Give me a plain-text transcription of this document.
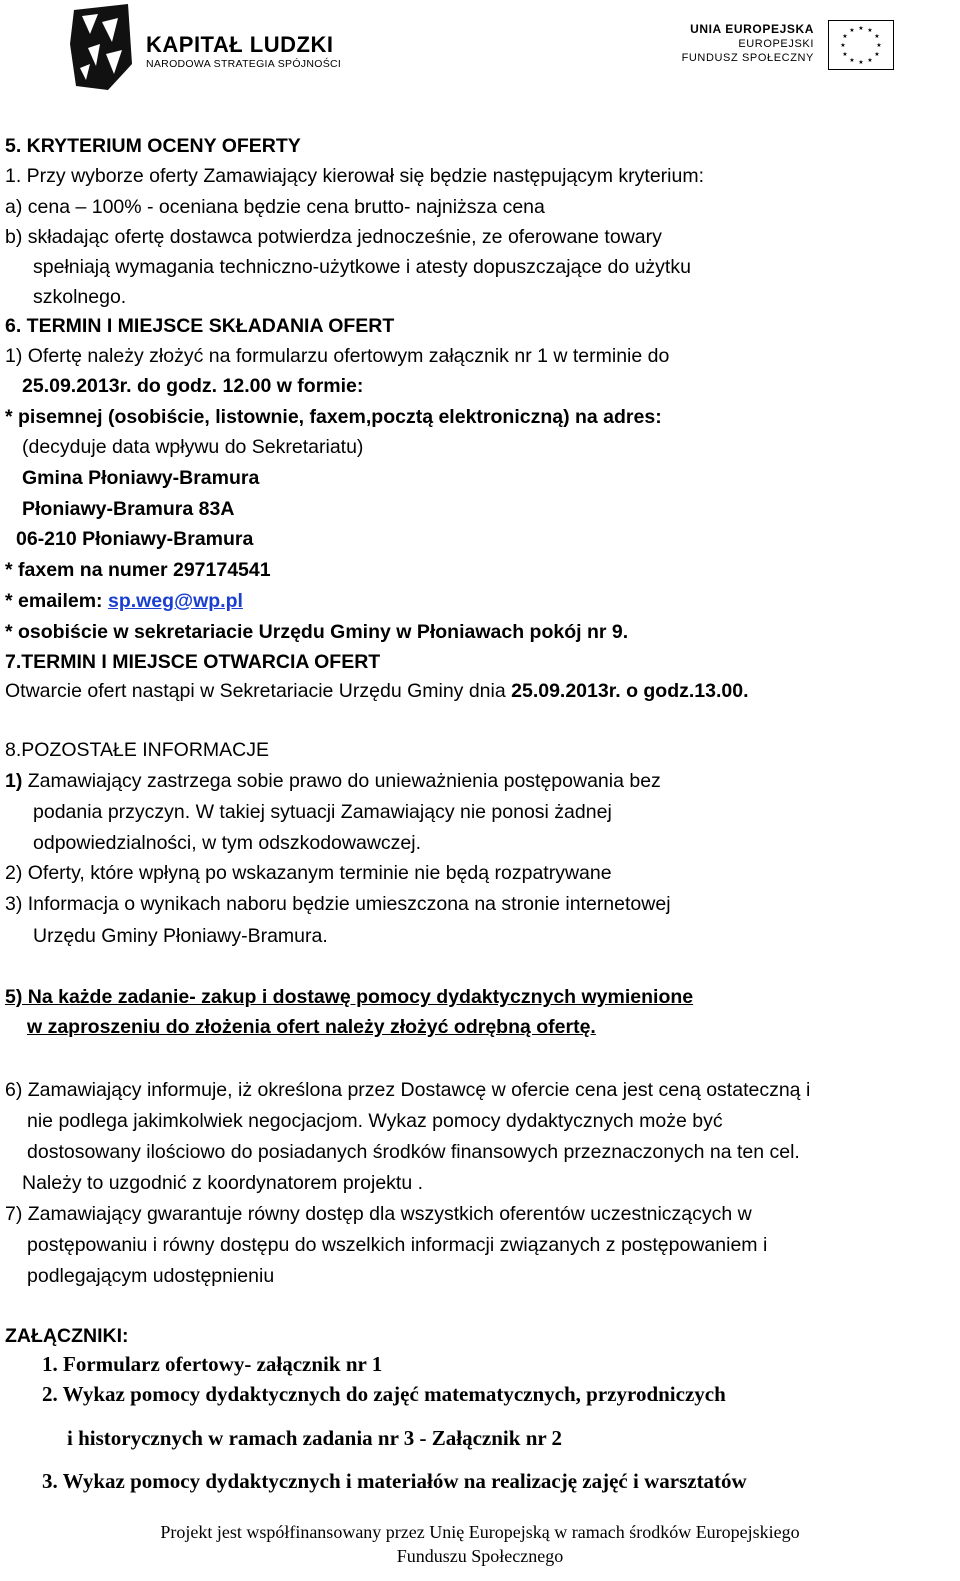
KAPITAŁ LUDZKI
NARODOWA STRATEGIA SPÓJNOŚCI
UNIA EUROPEJSKA
EUROPEJSKI
FUNDUSZ SPOŁECZNY
★ ★
★
★
★
★
★
★
★
★
★
★
5. KRYTERIUM OCENY OFERTY
1. Przy wyborze oferty Zamawiający kierował się będzie następującym kryterium:
a) cena – 100% - oceniana będzie cena brutto- najniższa cena
b) składając ofertę dostawca potwierdza jednocześnie, ze oferowane towary
spełniają wymagania techniczno-użytkowe i atesty dopuszczające do użytku
szkolnego.
6. TERMIN I MIEJSCE SKŁADANIA OFERT
1) Ofertę należy złożyć na formularzu ofertowym załącznik nr 1 w terminie do
25.09.2013r. do godz. 12.00 w formie:
* pisemnej (osobiście, listownie, faxem,pocztą elektroniczną) na adres:
(decyduje data wpływu do Sekretariatu)
Gmina Płoniawy-Bramura
Płoniawy-Bramura 83A
06-210 Płoniawy-Bramura
* faxem na numer 297174541
* emailem: sp.weg@wp.pl
* osobiście w sekretariacie Urzędu Gminy w Płoniawach pokój nr 9.
7.TERMIN I MIEJSCE OTWARCIA OFERT
Otwarcie ofert nastąpi w Sekretariacie Urzędu Gminy dnia 25.09.2013r. o godz.13.00.
8.POZOSTAŁE INFORMACJE
1) Zamawiający zastrzega sobie prawo do unieważnienia postępowania bez
podania przyczyn. W takiej sytuacji Zamawiający nie ponosi żadnej
odpowiedzialności, w tym odszkodowawczej.
2) Oferty, które wpłyną po wskazanym terminie nie będą rozpatrywane
3) Informacja o wynikach naboru będzie umieszczona na stronie internetowej
Urzędu Gminy Płoniawy-Bramura.
5) Na każde zadanie- zakup i dostawę pomocy dydaktycznych wymienione
w zaproszeniu do złożenia ofert należy złożyć odrębną ofertę.
6) Zamawiający informuje, iż określona przez Dostawcę w ofercie cena jest ceną ostateczną i
nie podlega jakimkolwiek negocjacjom. Wykaz pomocy dydaktycznych może być
dostosowany ilościowo do posiadanych środków finansowych przeznaczonych na ten cel.
Należy to uzgodnić z koordynatorem projektu .
7) Zamawiający gwarantuje równy dostęp dla wszystkich oferentów uczestniczących w
postępowaniu i równy dostępu do wszelkich informacji związanych z postępowaniem i
podlegającym udostępnieniu
ZAŁĄCZNIKI:
1. Formularz ofertowy- załącznik nr 1
2. Wykaz pomocy dydaktycznych do zajęć matematycznych, przyrodniczych
i historycznych w ramach zadania nr 3 - Załącznik nr 2
3. Wykaz pomocy dydaktycznych i materiałów na realizację zajęć i warsztatów
Projekt jest współfinansowany przez Unię Europejską w ramach środków Europejskiego
Funduszu Społecznego
